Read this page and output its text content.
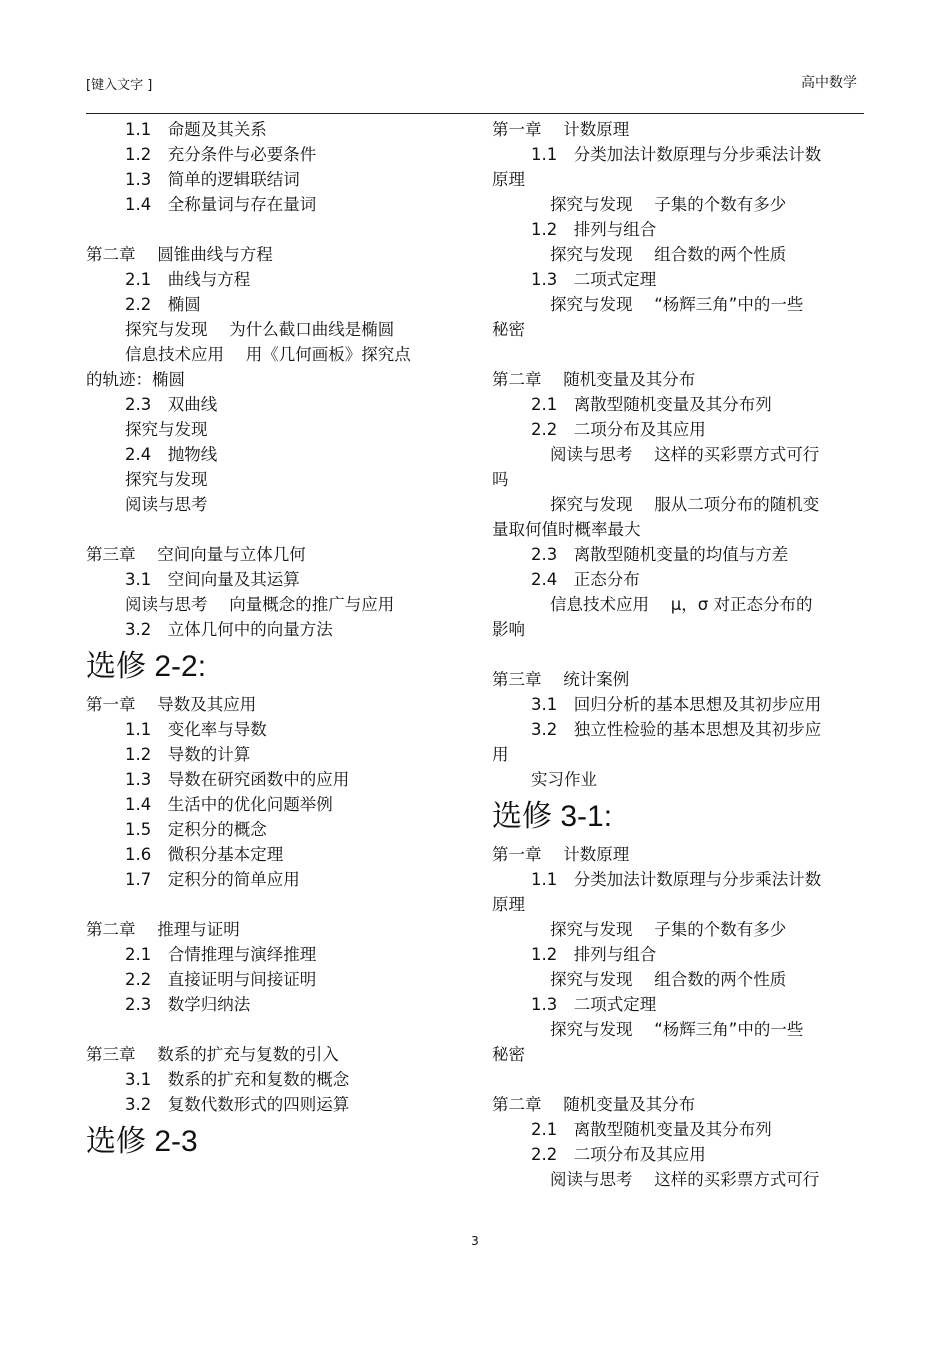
[键入文字 ]	高中数学
1.1　命题及其关系
1.2　充分条件与必要条件
1.3　简单的逻辑联结词
1.4　全称量词与存在量词
第二章　 圆锥曲线与方程
2.1　曲线与方程
2.2　椭圆
探究与发现　 为什么截口曲线是椭圆
信息技术应用　 用《几何画板》探究点
的轨迹：椭圆
2.3　双曲线
探究与发现
2.4　抛物线
探究与发现
阅读与思考
第三章　 空间向量与立体几何
3.1　空间向量及其运算
阅读与思考　 向量概念的推广与应用
3.2　立体几何中的向量方法
选修 2-2:
第一章　 导数及其应用
1.1　变化率与导数
1.2　导数的计算
1.3　导数在研究函数中的应用
1.4　生活中的优化问题举例
1.5　定积分的概念
1.6　微积分基本定理
1.7　定积分的简单应用
第二章　 推理与证明
2.1　合情推理与演绎推理
2.2　直接证明与间接证明
2.3　数学归纳法
第三章　 数系的扩充与复数的引入
3.1　数系的扩充和复数的概念
3.2　复数代数形式的四则运算
选修 2-3
第一章　 计数原理
1.1　分类加法计数原理与分步乘法计数
原理
探究与发现　 子集的个数有多少
1.2　排列与组合
探究与发现　 组合数的两个性质
1.3　二项式定理
探究与发现　 “杨辉三角”中的一些
秘密
第二章　 随机变量及其分布
2.1　离散型随机变量及其分布列
2.2　二项分布及其应用
阅读与思考　 这样的买彩票方式可行
吗
探究与发现　 服从二项分布的随机变
量取何值时概率最大
2.3　离散型随机变量的均值与方差
2.4　正态分布
信息技术应用　 μ，σ 对正态分布的
影响
第三章　 统计案例
3.1　回归分析的基本思想及其初步应用
3.2　独立性检验的基本思想及其初步应
用
实习作业
选修 3-1:
第一章　 计数原理
1.1　分类加法计数原理与分步乘法计数
原理
探究与发现　 子集的个数有多少
1.2　排列与组合
探究与发现　 组合数的两个性质
1.3　二项式定理
探究与发现　 “杨辉三角”中的一些
秘密
第二章　 随机变量及其分布
2.1　离散型随机变量及其分布列
2.2　二项分布及其应用
阅读与思考　 这样的买彩票方式可行
3
